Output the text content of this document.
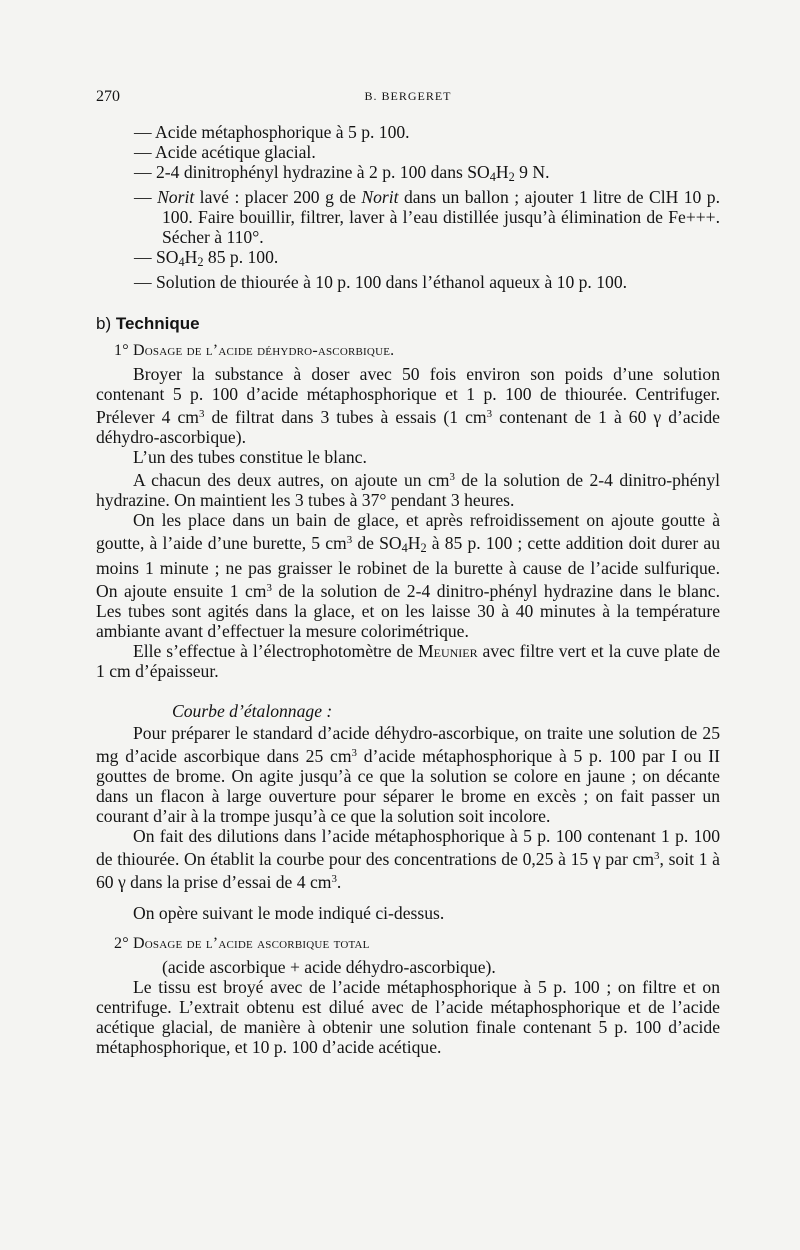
270	B. BERGERET

— Acide métaphosphorique à 5 p. 100.

— Acide acétique glacial.

— 2-4 dinitrophényl hydrazine à 2 p. 100 dans $SO_4H_2$ 9 N.

— Norit lavé : placer 200 g de Norit dans un ballon ; ajouter 1 litre de ClH 10 p. 100. Faire bouillir, filtrer, laver à l’eau distillée jusqu’à élimination de Fe+++. Sécher à 110°.

— $SO_4H_2$ 85 p. 100.

— Solution de thiourée à 10 p. 100 dans l’éthanol aqueux à 10 p. 100.

b) Technique

1° Dosage de l’acide déhydro-ascorbique.

Broyer la substance à doser avec 50 fois environ son poids d’une solution contenant 5 p. 100 d’acide métaphosphorique et 1 p. 100 de thiourée. Centrifuger. Prélever 4 $cm^3$ de filtrat dans 3 tubes à essais (1 $cm^3$ contenant de 1 à 60 γ d’acide déhydro-ascorbique).

L’un des tubes constitue le blanc.

A chacun des deux autres, on ajoute un $cm^3$ de la solution de 2-4 dinitro-phényl hydrazine. On maintient les 3 tubes à 37° pendant 3 heures.

On les place dans un bain de glace, et après refroidissement on ajoute goutte à goutte, à l’aide d’une burette, 5 $cm^3$ de $SO_4H_2$ à 85 p. 100 ; cette addition doit durer au moins 1 minute ; ne pas graisser le robinet de la burette à cause de l’acide sulfurique. On ajoute ensuite 1 $cm^3$ de la solution de 2-4 dinitro-phényl hydrazine dans le blanc. Les tubes sont agités dans la glace, et on les laisse 30 à 40 minutes à la température ambiante avant d’effectuer la mesure colorimétrique.

Elle s’effectue à l’électrophotomètre de Meunier avec filtre vert et la cuve plate de 1 cm d’épaisseur.

Courbe d’étalonnage :

Pour préparer le standard d’acide déhydro-ascorbique, on traite une solution de 25 mg d’acide ascorbique dans 25 $cm^3$ d’acide métaphosphorique à 5 p. 100 par I ou II gouttes de brome. On agite jusqu’à ce que la solution se colore en jaune ; on décante dans un flacon à large ouverture pour séparer le brome en excès ; on fait passer un courant d’air à la trompe jusqu’à ce que la solution soit incolore.

On fait des dilutions dans l’acide métaphosphorique à 5 p. 100 contenant 1 p. 100 de thiourée. On établit la courbe pour des concentrations de 0,25 à 15 γ par $cm^3$, soit 1 à 60 γ dans la prise d’essai de 4 $cm^3$.

On opère suivant le mode indiqué ci-dessus.

2° Dosage de l’acide ascorbique total

(acide ascorbique + acide déhydro-ascorbique).

Le tissu est broyé avec de l’acide métaphosphorique à 5 p. 100 ; on filtre et on centrifuge. L’extrait obtenu est dilué avec de l’acide métaphosphorique et de l’acide acétique glacial, de manière à obtenir une solution finale contenant 5 p. 100 d’acide métaphosphorique, et 10 p. 100 d’acide acétique.
